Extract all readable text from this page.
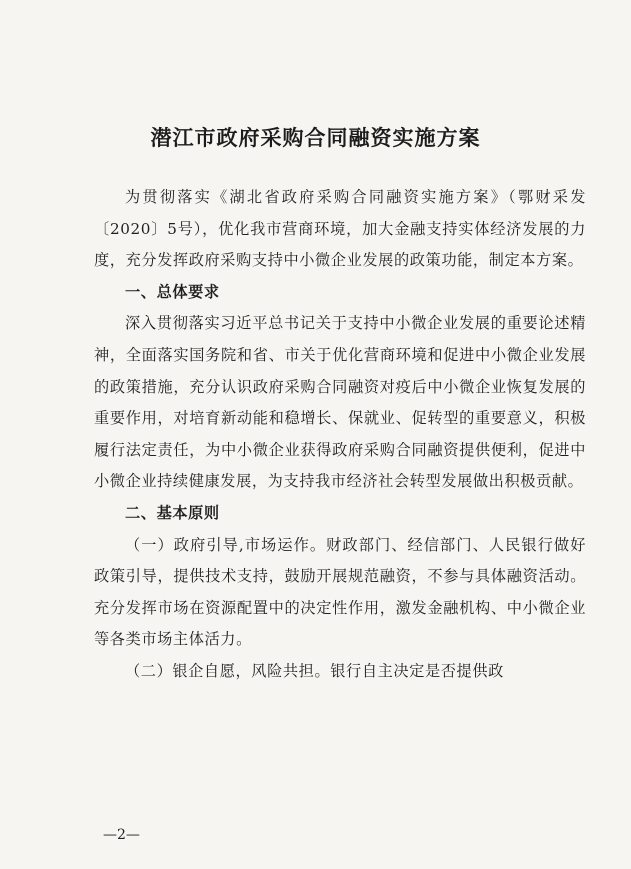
潜江市政府采购合同融资实施方案

为贯彻落实《湖北省政府采购合同融资实施方案》（鄂财采发〔2020〕5号），优化我市营商环境，加大金融支持实体经济发展的力度，充分发挥政府采购支持中小微企业发展的政策功能，制定本方案。

一、总体要求

深入贯彻落实习近平总书记关于支持中小微企业发展的重要论述精神，全面落实国务院和省、市关于优化营商环境和促进中小微企业发展的政策措施，充分认识政府采购合同融资对疫后中小微企业恢复发展的重要作用，对培育新动能和稳增长、保就业、促转型的重要意义，积极履行法定责任，为中小微企业获得政府采购合同融资提供便利，促进中小微企业持续健康发展，为支持我市经济社会转型发展做出积极贡献。

二、基本原则

（一）政府引导,市场运作。财政部门、经信部门、人民银行做好政策引导，提供技术支持，鼓励开展规范融资，不参与具体融资活动。充分发挥市场在资源配置中的决定性作用，激发金融机构、中小微企业等各类市场主体活力。

（二）银企自愿，风险共担。银行自主决定是否提供政

—2—
